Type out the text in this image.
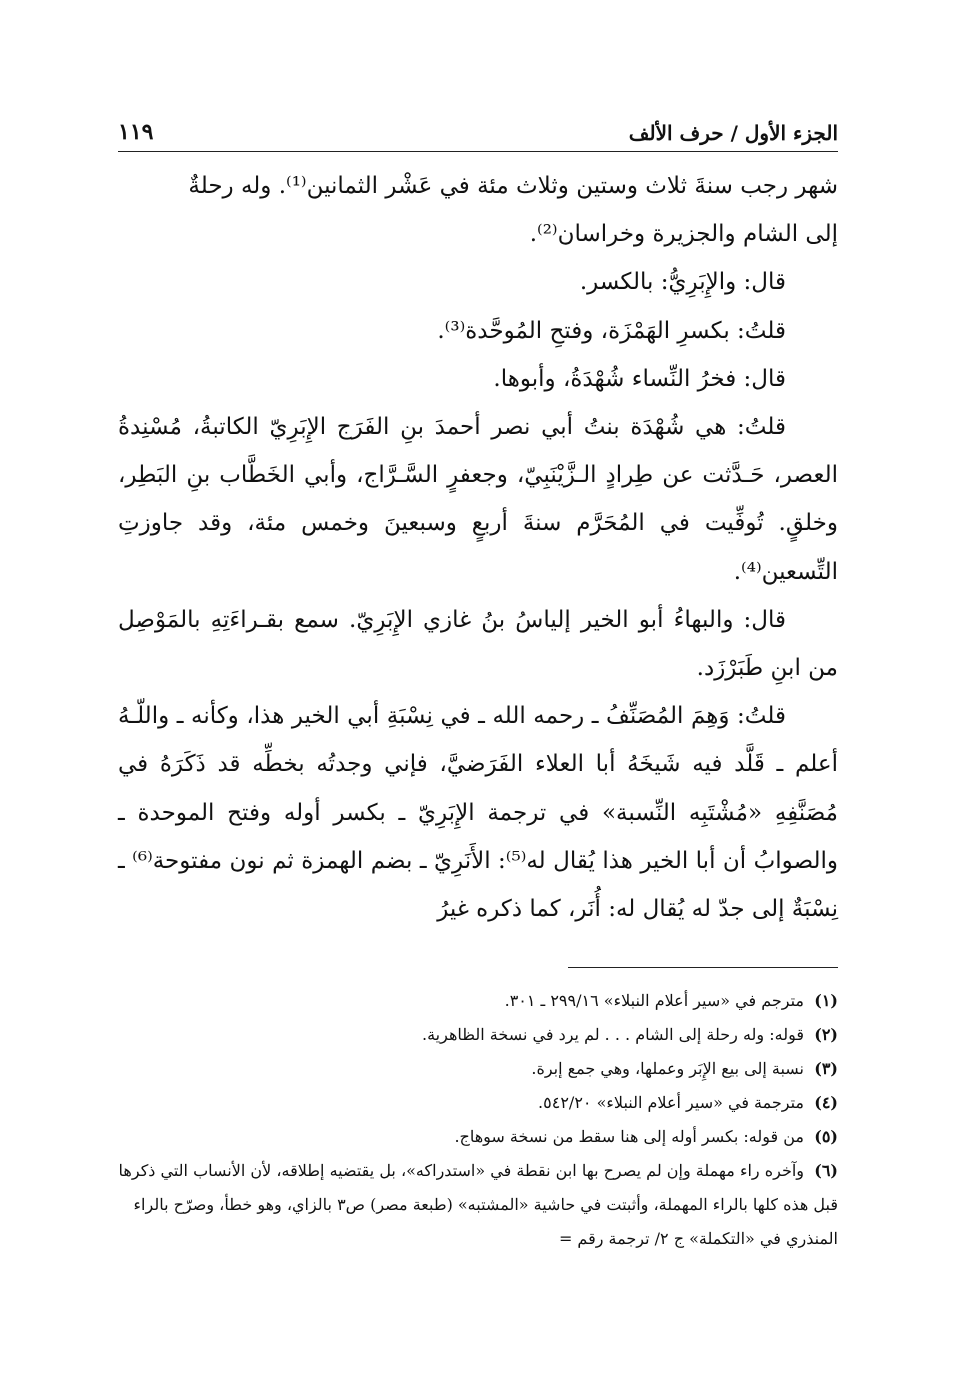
الجزء الأول / حرف الألف
١١٩

شهر رجب سنةَ ثلاث وستين وثلاث مئة في عَشْر الثمانين⁽¹⁾. وله رحلةٌ

إلى الشام والجزيرة وخراسان⁽²⁾.

قال: والإِبَرِيُّ: بالكسر.

قلتُ: بكسرِ الهَمْزَة، وفتحِ المُوحَّدة⁽³⁾.

قال: فخرُ النِّساء شُهْدَةُ، وأبوها.

قلتُ: هي شُهْدَة بنتُ أبي نصر أحمدَ بنِ الفَرَج الإِبَرِيّ الكاتبةُ، مُسْنِدةُ العصر، حَـدَّثت عن طِرادٍ الـزَّيْنَبِيّ، وجعفرٍ السَّـرَّاج، وأبي الخَطَّاب بنِ البَطِر، وخلقٍ. تُوفِّيت في المُحَرَّم سنةَ أربعٍ وسبعينَ وخمس مئة، وقد جاوزتِ التِّسعين⁽⁴⁾.

قال: والبهاءُ أبو الخير إلياسُ بنُ غازي الإِبَرِيّ. سمع بقـراءَتِهِ بالمَوْصِل من ابنِ طَبَرْزَد.

قلتُ: وَهِمَ المُصَنِّفُ ـ رحمه الله ـ في نِسْبَةِ أبي الخير هذا، وكأنه ـ واللّـهُ أعلم ـ قَلَّد فيه شَيخَهُ أبا العلاء الفَرَضيَّ، فإني وجدتُه بخطِّه قد ذَكَرَهُ في مُصَنَّفِهِ «مُشْتَبِه النِّسبة» في ترجمة الإِبَرِيّ ـ بكسر أوله وفتح الموحدة ـ والصوابُ أن أبا الخير هذا يُقال له⁽⁵⁾: الأَنَرِيّ ـ بضم الهمزة ثم نون مفتوحة⁽⁶⁾ ـ نِسْبَةٌ إلى جدّ له يُقال له: أُنَر، كما ذكره غيرُ

(١)مترجم في «سير أعلام النبلاء» ٢٩٩/١٦ ـ ٣٠١.

(٢)قوله: وله رحلة إلى الشام . . . لم يرد في نسخة الظاهرية.

(٣)نسبة إلى بيع الإِبَر وعملها، وهي جمع إبرة.

(٤)مترجمة في «سير أعلام النبلاء» ٥٤٢/٢٠.

(٥)من قوله: بكسر أوله إلى هنا سقط من نسخة سوهاج.

(٦)وآخره راء مهملة وإن لم يصرح بها ابن نقطة في «استدراكه»، بل يقتضيه إطلاقه، لأن الأنساب التي ذكرها قبل هذه كلها بالراء المهملة، وأثبتت في حاشية «المشتبه» (طبعة مصر) ص٣ بالزاي، وهو خطأ، وصرّح بالراء المنذري في «التكملة» ج ٢/ ترجمة رقم =
